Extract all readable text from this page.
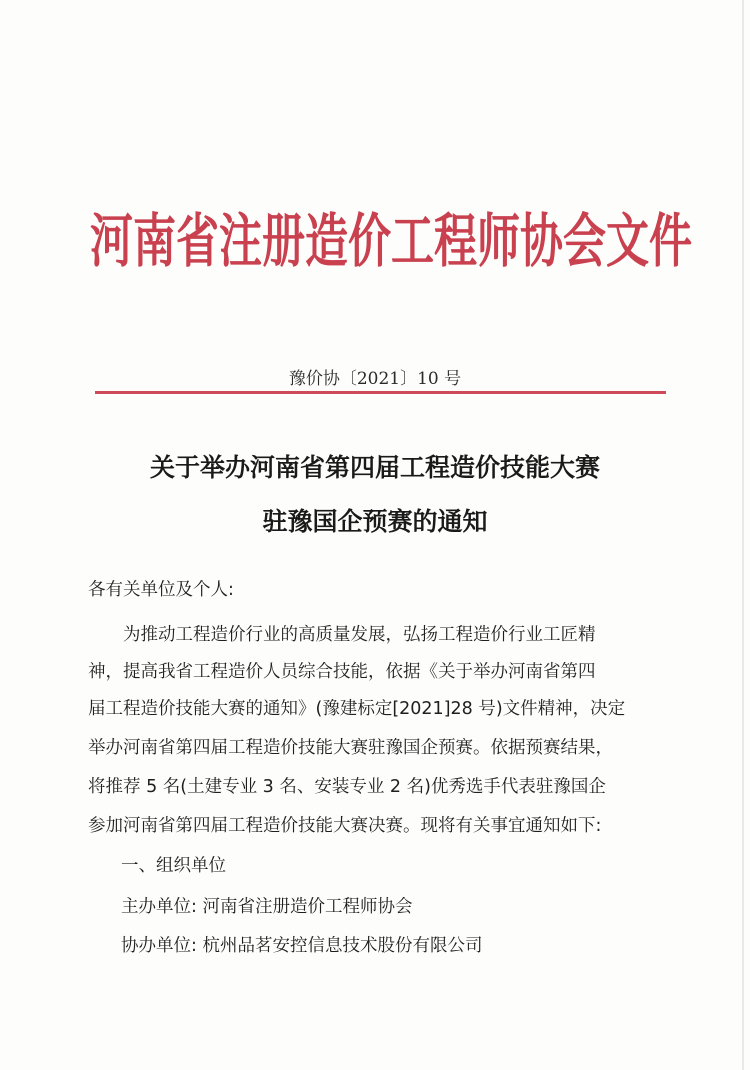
河南省注册造价工程师协会文件
豫价协〔2021〕10 号
关于举办河南省第四届工程造价技能大赛
驻豫国企预赛的通知
各有关单位及个人:
为推动工程造价行业的高质量发展，弘扬工程造价行业工匠精
神，提高我省工程造价人员综合技能，依据《关于举办河南省第四
届工程造价技能大赛的通知》(豫建标定[2021]28 号)文件精神，决定
举办河南省第四届工程造价技能大赛驻豫国企预赛。依据预赛结果，
将推荐 5 名(土建专业 3 名、安装专业 2 名)优秀选手代表驻豫国企
参加河南省第四届工程造价技能大赛决赛。现将有关事宜通知如下:
一、组织单位
主办单位: 河南省注册造价工程师协会
协办单位: 杭州品茗安控信息技术股份有限公司
